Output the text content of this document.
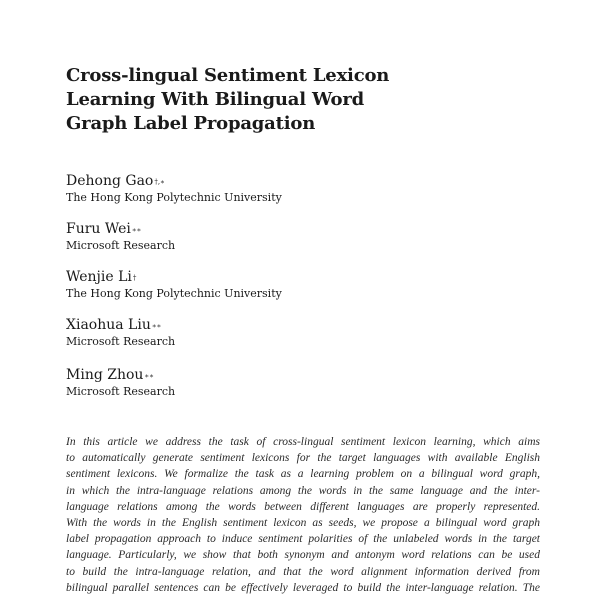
Cross-lingual Sentiment Lexicon
Learning With Bilingual Word
Graph Label Propagation
Dehong Gao†,∗
The Hong Kong Polytechnic University
Furu Wei∗∗
Microsoft Research
Wenjie Li†
The Hong Kong Polytechnic University
Xiaohua Liu∗∗
Microsoft Research
Ming Zhou∗∗
Microsoft Research
In this article we address the task of cross-lingual sentiment lexicon learning, which aims
to automatically generate sentiment lexicons for the target languages with available English
sentiment lexicons. We formalize the task as a learning problem on a bilingual word graph,
in which the intra-language relations among the words in the same language and the inter-
language relations among the words between different languages are properly represented.
With the words in the English sentiment lexicon as seeds, we propose a bilingual word graph
label propagation approach to induce sentiment polarities of the unlabeled words in the target
language. Particularly, we show that both synonym and antonym word relations can be used
to build the intra-language relation, and that the word alignment information derived from
bilingual parallel sentences can be effectively leveraged to build the inter-language relation. The
